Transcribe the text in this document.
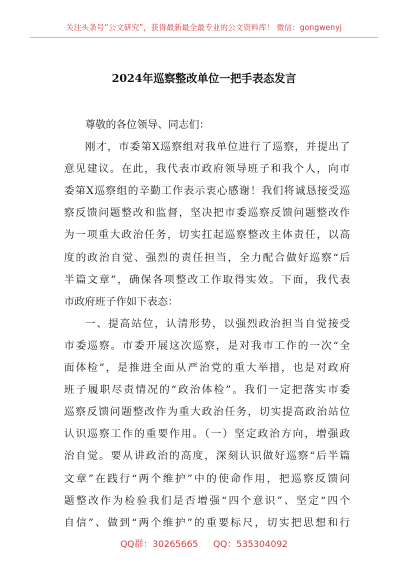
关注头条号“公文研究”，获得最新最全最专业的公文资料库！ 微信：gongwenyj
2024年巡察整改单位一把手表态发言
尊敬的各位领导、同志们：
刚才，市委第X巡察组对我单位进行了巡察，并提出了
意见建议。在此，我代表市政府领导班子和我个人，向市
委第X巡察组的辛勤工作表示衷心感谢！我们将诚恳接受巡
察反馈问题整改和监督，坚决把市委巡察反馈问题整改作
为一项重大政治任务，切实扛起巡察整改主体责任，以高
度的政治自觉、强烈的责任担当，全力配合做好巡察“后
半篇文章”，确保各项整改工作取得实效。下面，我代表
市政府班子作如下表态：
一、提高站位，认清形势，以强烈政治担当自觉接受
市委巡察。市委开展这次巡察，是对我市工作的一次“全
面体检”，是推进全面从严治党的重大举措，也是对政府
班子履职尽责情况的“政治体检”。我们一定把落实市委
巡察反馈问题整改作为重大政治任务，切实提高政治站位
认识巡察工作的重要作用。（一）坚定政治方向，增强政
治自觉。要从讲政治的高度，深刻认识做好巡察“后半篇
文章”在践行“两个维护”中的使命作用，把巡察反馈问
题整改作为检验我们是否增强“四个意识”、坚定“四个
自信”、做到“两个维护”的重要标尺，切实把思想和行
QQ群：30265665 QQ：535304092
